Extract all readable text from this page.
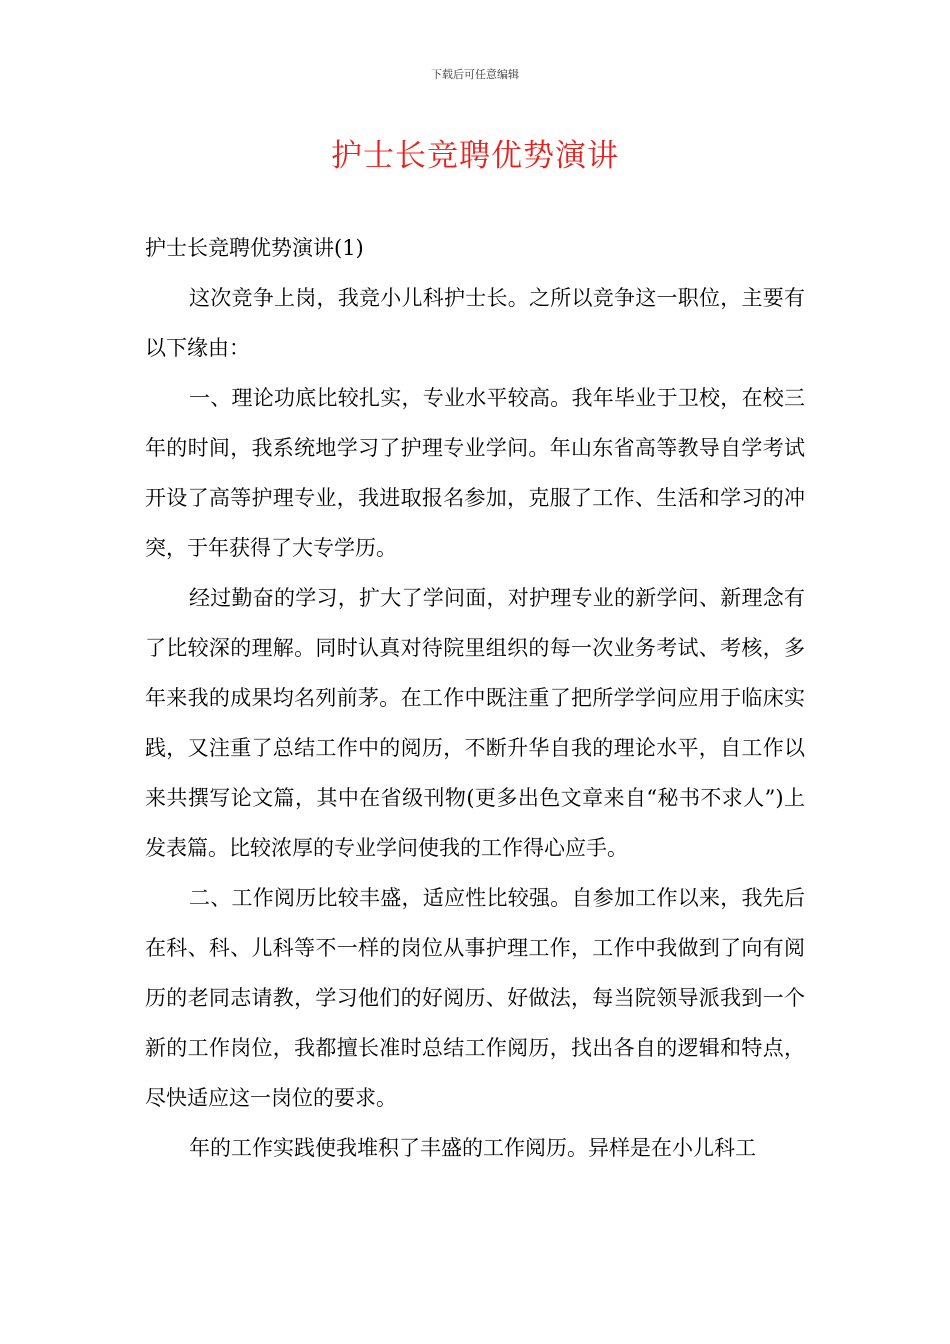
下载后可任意编辑
护士长竞聘优势演讲

护士长竞聘优势演讲(1)

这次竞争上岗，我竞小儿科护士长。之所以竞争这一职位，主要有以下缘由：

一、理论功底比较扎实，专业水平较高。我年毕业于卫校，在校三年的时间，我系统地学习了护理专业学问。年山东省高等教导自学考试开设了高等护理专业，我进取报名参加，克服了工作、生活和学习的冲突，于年获得了大专学历。

经过勤奋的学习，扩大了学问面，对护理专业的新学问、新理念有了比较深的理解。同时认真对待院里组织的每一次业务考试、考核，多年来我的成果均名列前茅。在工作中既注重了把所学学问应用于临床实践，又注重了总结工作中的阅历，不断升华自我的理论水平，自工作以来共撰写论文篇，其中在省级刊物(更多出色文章来自“秘书不求人”)上发表篇。比较浓厚的专业学问使我的工作得心应手。

二、工作阅历比较丰盛，适应性比较强。自参加工作以来，我先后在科、科、儿科等不一样的岗位从事护理工作，工作中我做到了向有阅历的老同志请教，学习他们的好阅历、好做法，每当院领导派我到一个新的工作岗位，我都擅长准时总结工作阅历，找出各自的逻辑和特点，尽快适应这一岗位的要求。

年的工作实践使我堆积了丰盛的工作阅历。异样是在小儿科工
